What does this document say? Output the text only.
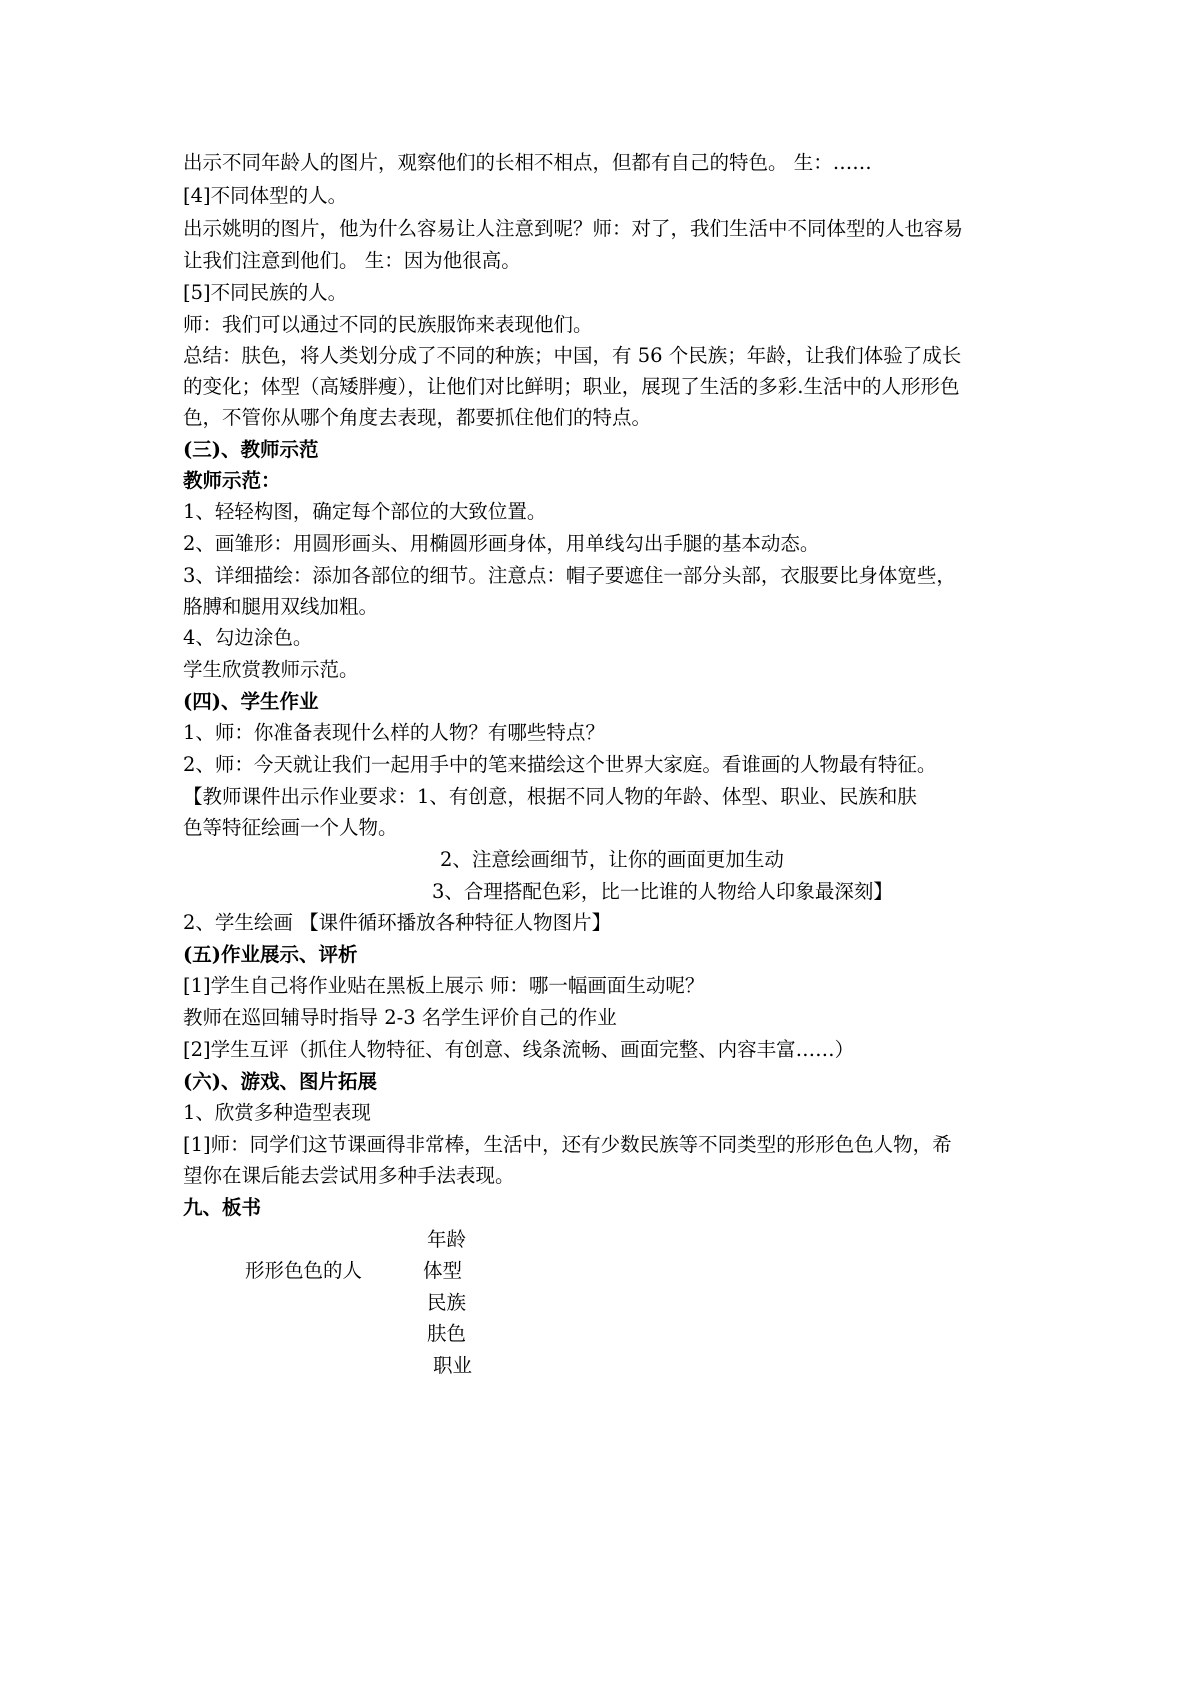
出示不同年龄人的图片，观察他们的长相不相点，但都有自己的特色。 生：……
[4]不同体型的人。
出示姚明的图片，他为什么容易让人注意到呢？师：对了，我们生活中不同体型的人也容易
让我们注意到他们。 生：因为他很高。
[5]不同民族的人。
师：我们可以通过不同的民族服饰来表现他们。
总结：肤色，将人类划分成了不同的种族；中国，有 56 个民族；年龄，让我们体验了成长
的变化；体型（高矮胖瘦），让他们对比鲜明；职业，展现了生活的多彩.生活中的人形形色
色，不管你从哪个角度去表现，都要抓住他们的特点。
(三)、教师示范
教师示范：
1、轻轻构图，确定每个部位的大致位置。
2、画雏形：用圆形画头、用椭圆形画身体，用单线勾出手腿的基本动态。
3、详细描绘：添加各部位的细节。注意点：帽子要遮住一部分头部，衣服要比身体宽些，
胳膊和腿用双线加粗。
4、勾边涂色。
学生欣赏教师示范。
(四)、学生作业
1、师：你准备表现什么样的人物？有哪些特点？
2、师：今天就让我们一起用手中的笔来描绘这个世界大家庭。看谁画的人物最有特征。
【教师课件出示作业要求：1、有创意，根据不同人物的年龄、体型、职业、民族和肤
色等特征绘画一个人物。
2、注意绘画细节，让你的画面更加生动
3、合理搭配色彩，比一比谁的人物给人印象最深刻】
2、学生绘画 【课件循环播放各种特征人物图片】
(五)作业展示、评析
[1]学生自己将作业贴在黑板上展示 师：哪一幅画面生动呢？
教师在巡回辅导时指导 2-3 名学生评价自己的作业
[2]学生互评（抓住人物特征、有创意、线条流畅、画面完整、内容丰富……）
(六)、游戏、图片拓展
1、欣赏多种造型表现
[1]师：同学们这节课画得非常棒，生活中，还有少数民族等不同类型的形形色色人物，希
望你在课后能去尝试用多种手法表现。
九、板书
年龄
形形色色的人	体型
民族
肤色
职业
